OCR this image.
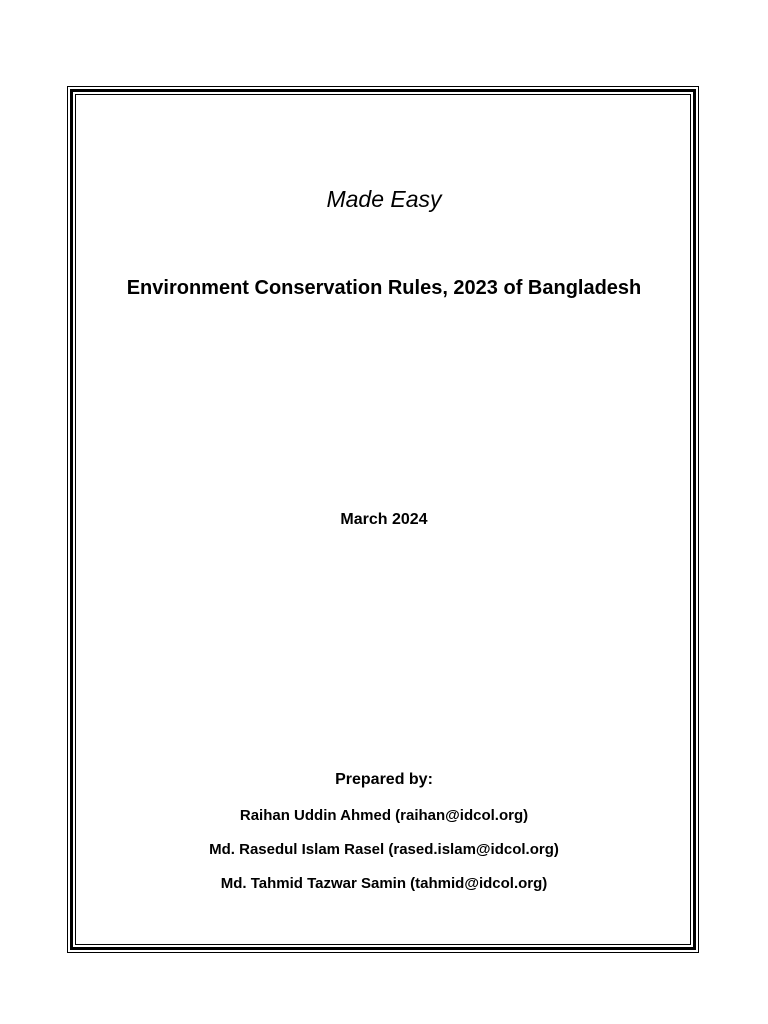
Made Easy
Environment Conservation Rules, 2023 of Bangladesh
March 2024
Prepared by:
Raihan Uddin Ahmed (raihan@idcol.org)
Md. Rasedul Islam Rasel (rased.islam@idcol.org)
Md. Tahmid Tazwar Samin (tahmid@idcol.org)
